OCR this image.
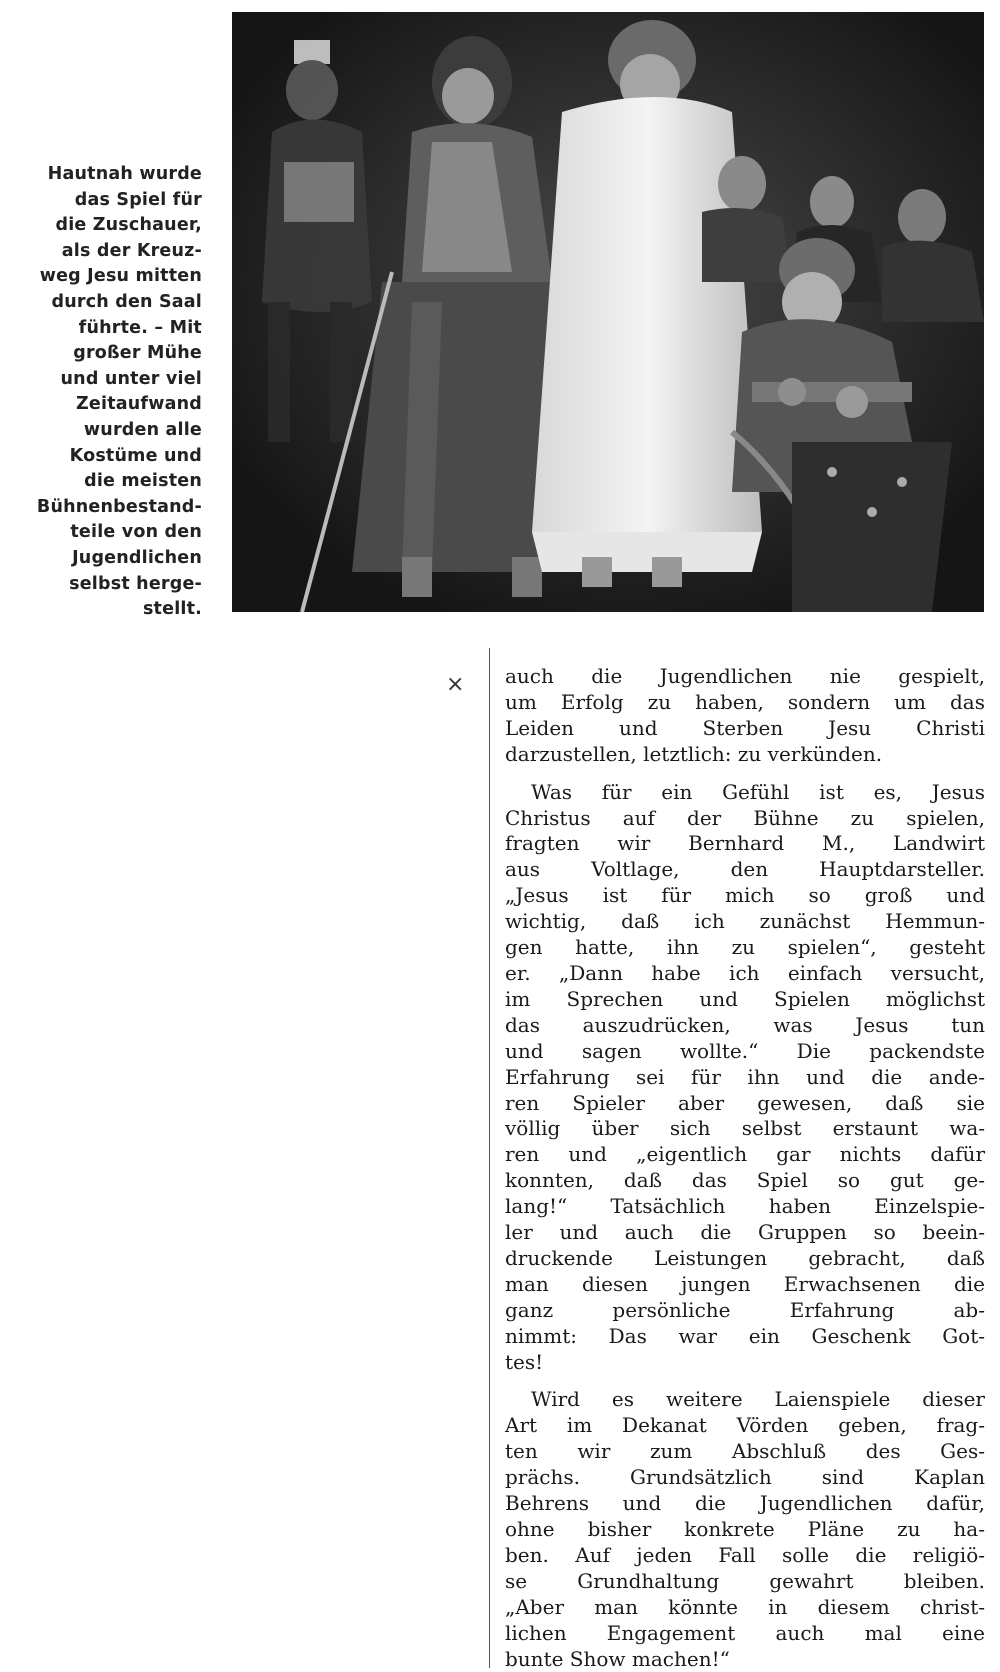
Hautnah wurde
das Spiel für
die Zuschauer,
als der Kreuz-
weg Jesu mitten
durch den Saal
führte. – Mit
großer Mühe
und unter viel
Zeitaufwand
wurden alle
Kostüme und
die meisten
Bühnenbestand-
teile von den
Jugendlichen
selbst herge-
stellt.
× auch die Jugendlichen nie gespielt,
um Erfolg zu haben, sondern um das
Leiden und Sterben Jesu Christi
darzustellen, letztlich: zu verkünden.
Was für ein Gefühl ist es, Jesus
Christus auf der Bühne zu spielen,
fragten wir Bernhard M., Landwirt
aus Voltlage, den Hauptdarsteller.
„Jesus ist für mich so groß und
wichtig, daß ich zunächst Hemmun-
gen hatte, ihn zu spielen“, gesteht
er. „Dann habe ich einfach versucht,
im Sprechen und Spielen möglichst
das auszudrücken, was Jesus tun
und sagen wollte.“ Die packendste
Erfahrung sei für ihn und die ande-
ren Spieler aber gewesen, daß sie
völlig über sich selbst erstaunt wa-
ren und „eigentlich gar nichts dafür
konnten, daß das Spiel so gut ge-
lang!“ Tatsächlich haben Einzelspie-
ler und auch die Gruppen so beein-
druckende Leistungen gebracht, daß
man diesen jungen Erwachsenen die
ganz persönliche Erfahrung ab-
nimmt: Das war ein Geschenk Got-
tes!
Wird es weitere Laienspiele dieser
Art im Dekanat Vörden geben, frag-
ten wir zum Abschluß des Ges-
prächs. Grundsätzlich sind Kaplan
Behrens und die Jugendlichen dafür,
ohne bisher konkrete Pläne zu ha-
ben. Auf jeden Fall solle die religiö-
se Grundhaltung gewahrt bleiben.
„Aber man könnte in diesem christ-
lichen Engagement auch mal eine
bunte Show machen!“
